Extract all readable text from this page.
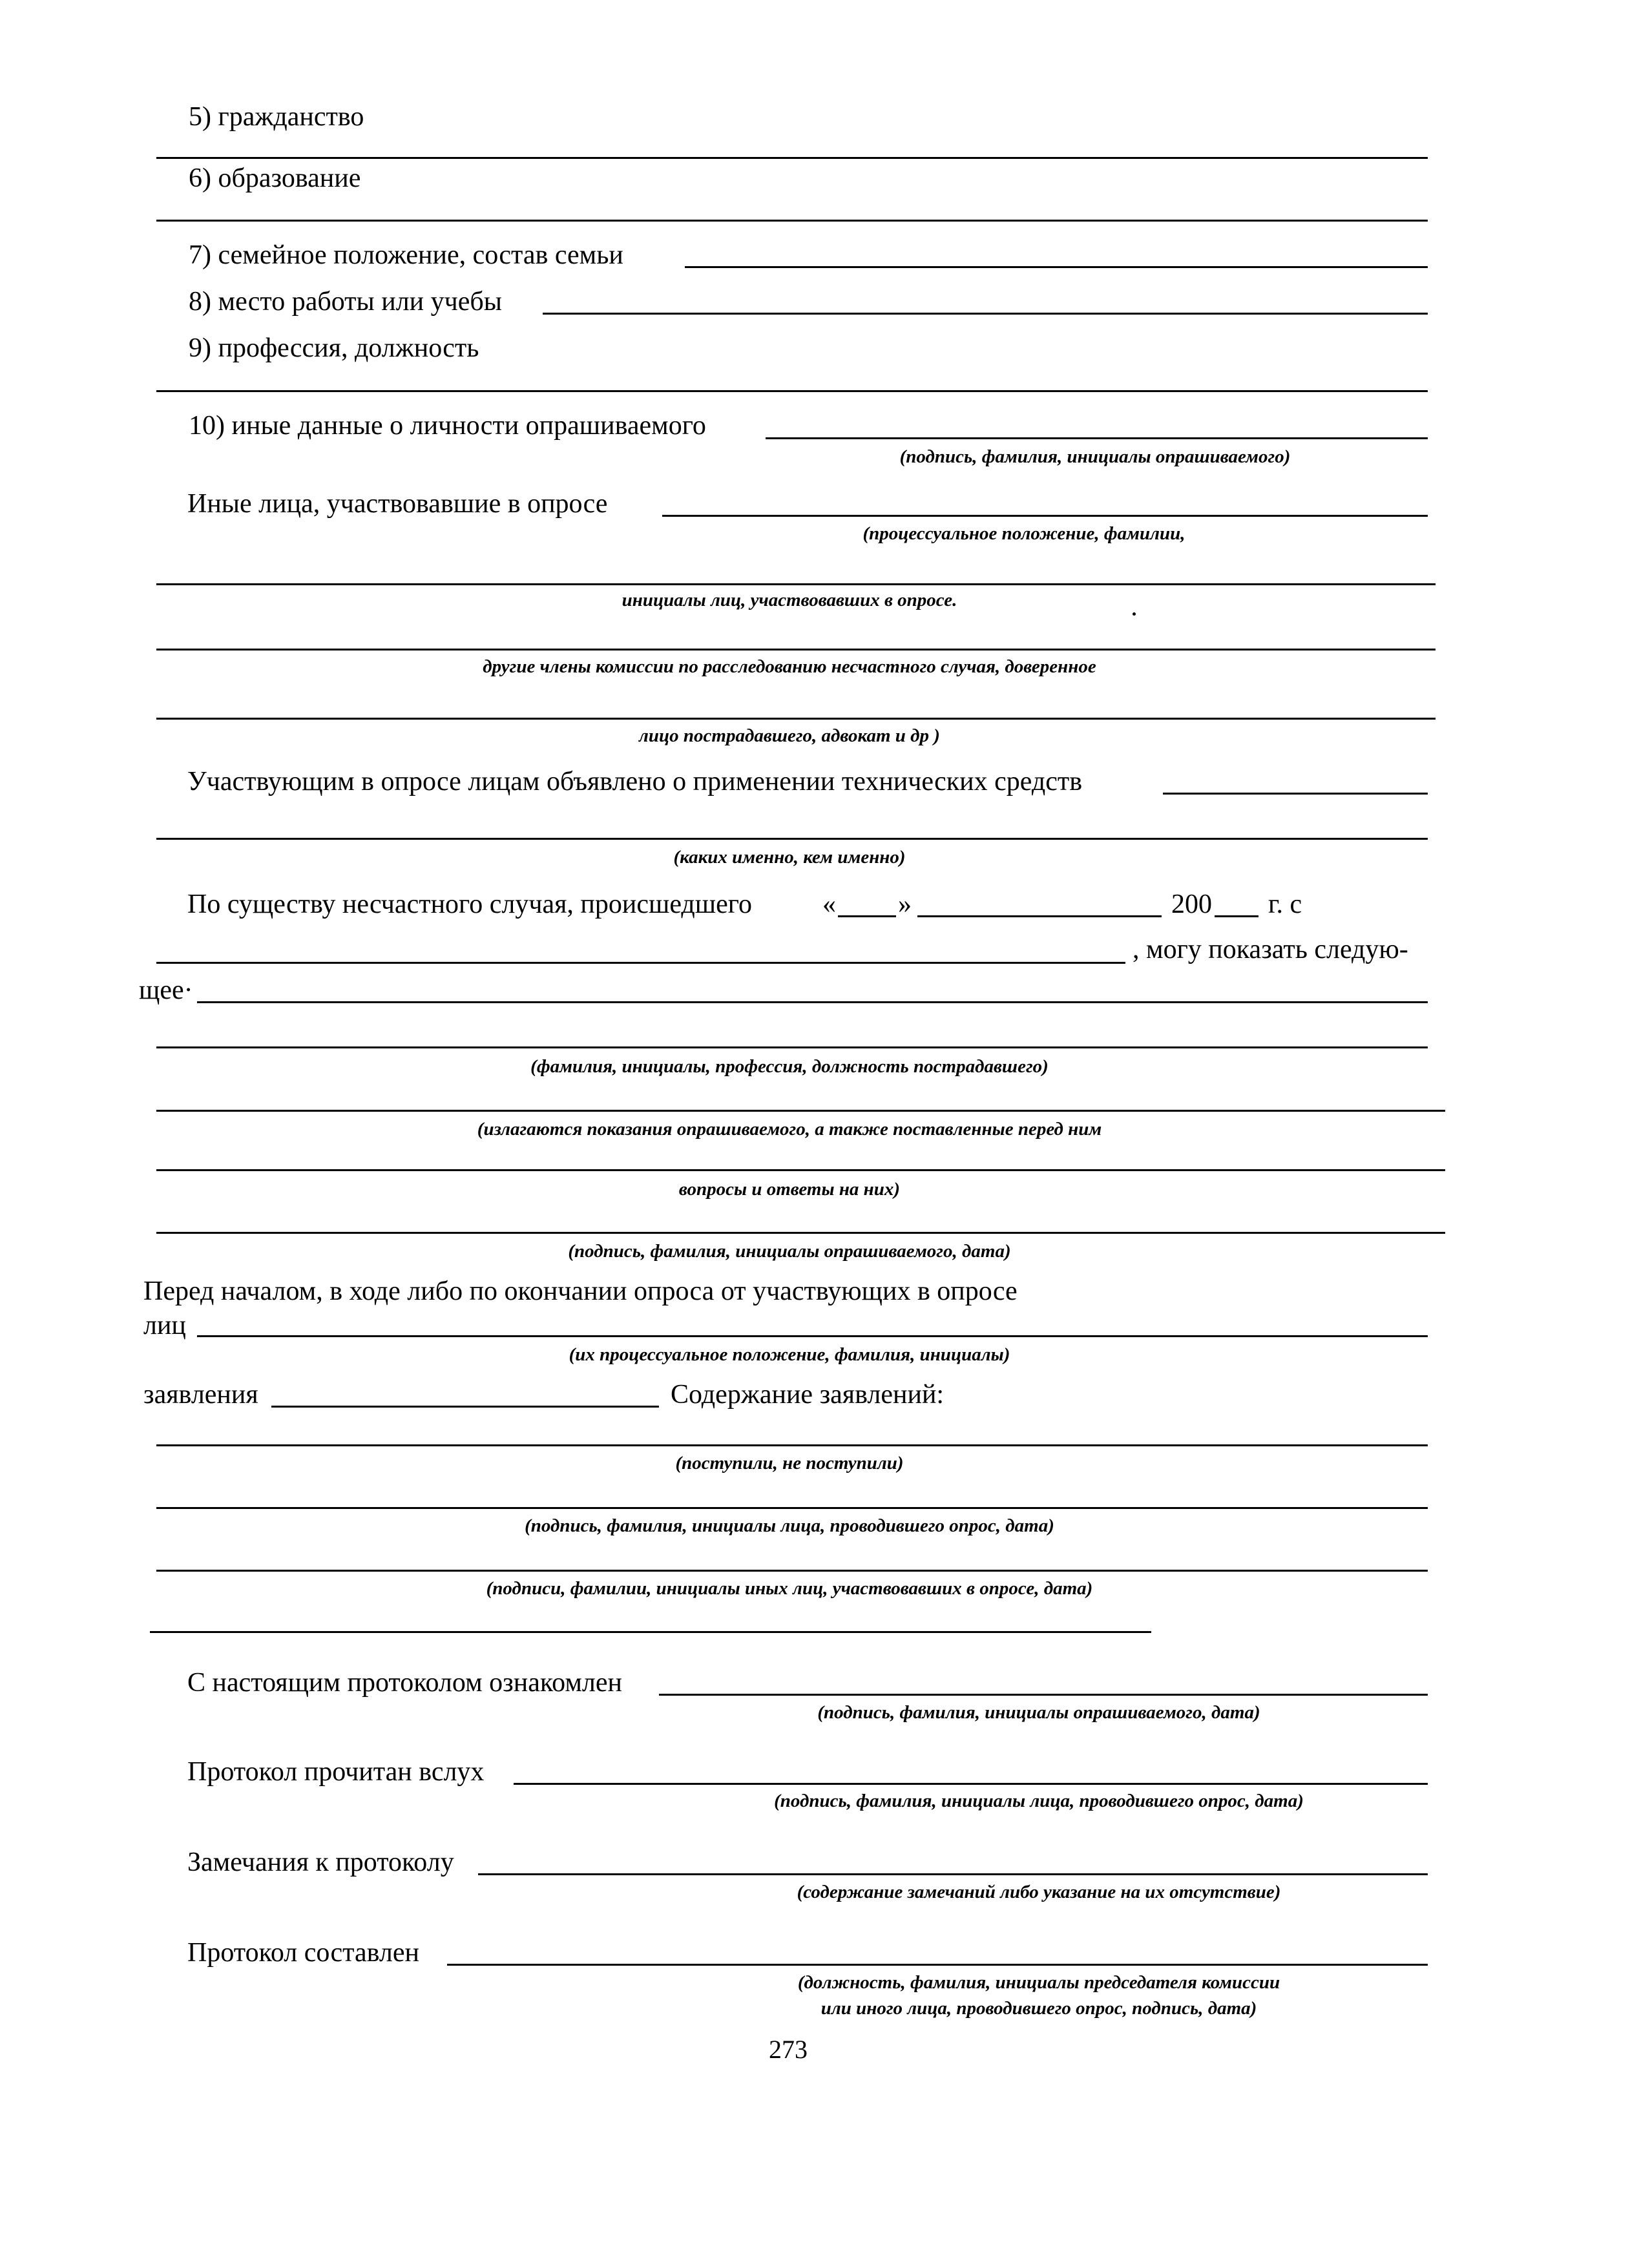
5) гражданство
6) образование
7) семейное положение, состав семьи
8) место работы или учебы
9) профессия, должность
10) иные данные о личности опрашиваемого
(подпись, фамилия, инициалы опрашиваемого)
Иные лица, участвовавшие в опросе
(процессуальное положение, фамилии,
инициалы лиц, участвовавших в опросе.
другие члены комиссии по расследованию несчастного случая, доверенное
лицо пострадавшего, адвокат и др )
Участвующим в опросе лицам объявлено о применении технических средств
(каких именно, кем именно)
По существу несчастного случая, происшедшего	« »	200 г. с
, могу показать следую-
щее·
(фамилия, инициалы, профессия, должность пострадавшего)
(излагаются показания опрашиваемого, а также поставленные перед ним
вопросы и ответы на них)
(подпись, фамилия, инициалы опрашиваемого, дата)
Перед началом, в ходе либо по окончании опроса от участвующих в опросе
лиц
(их процессуальное положение, фамилия, инициалы)
заявления	Содержание заявлений:
(поступили, не поступили)
(подпись, фамилия, инициалы лица, проводившего опрос, дата)
(подписи, фамилии, инициалы иных лиц, участвовавших в опросе, дата)
С настоящим протоколом ознакомлен
(подпись, фамилия, инициалы опрашиваемого, дата)
Протокол прочитан вслух
(подпись, фамилия, инициалы лица, проводившего опрос, дата)
Замечания к протоколу
(содержание замечаний либо указание на их отсутствие)
Протокол составлен
(должность, фамилия, инициалы председателя комиссии
или иного лица, проводившего опрос, подпись, дата)
273
